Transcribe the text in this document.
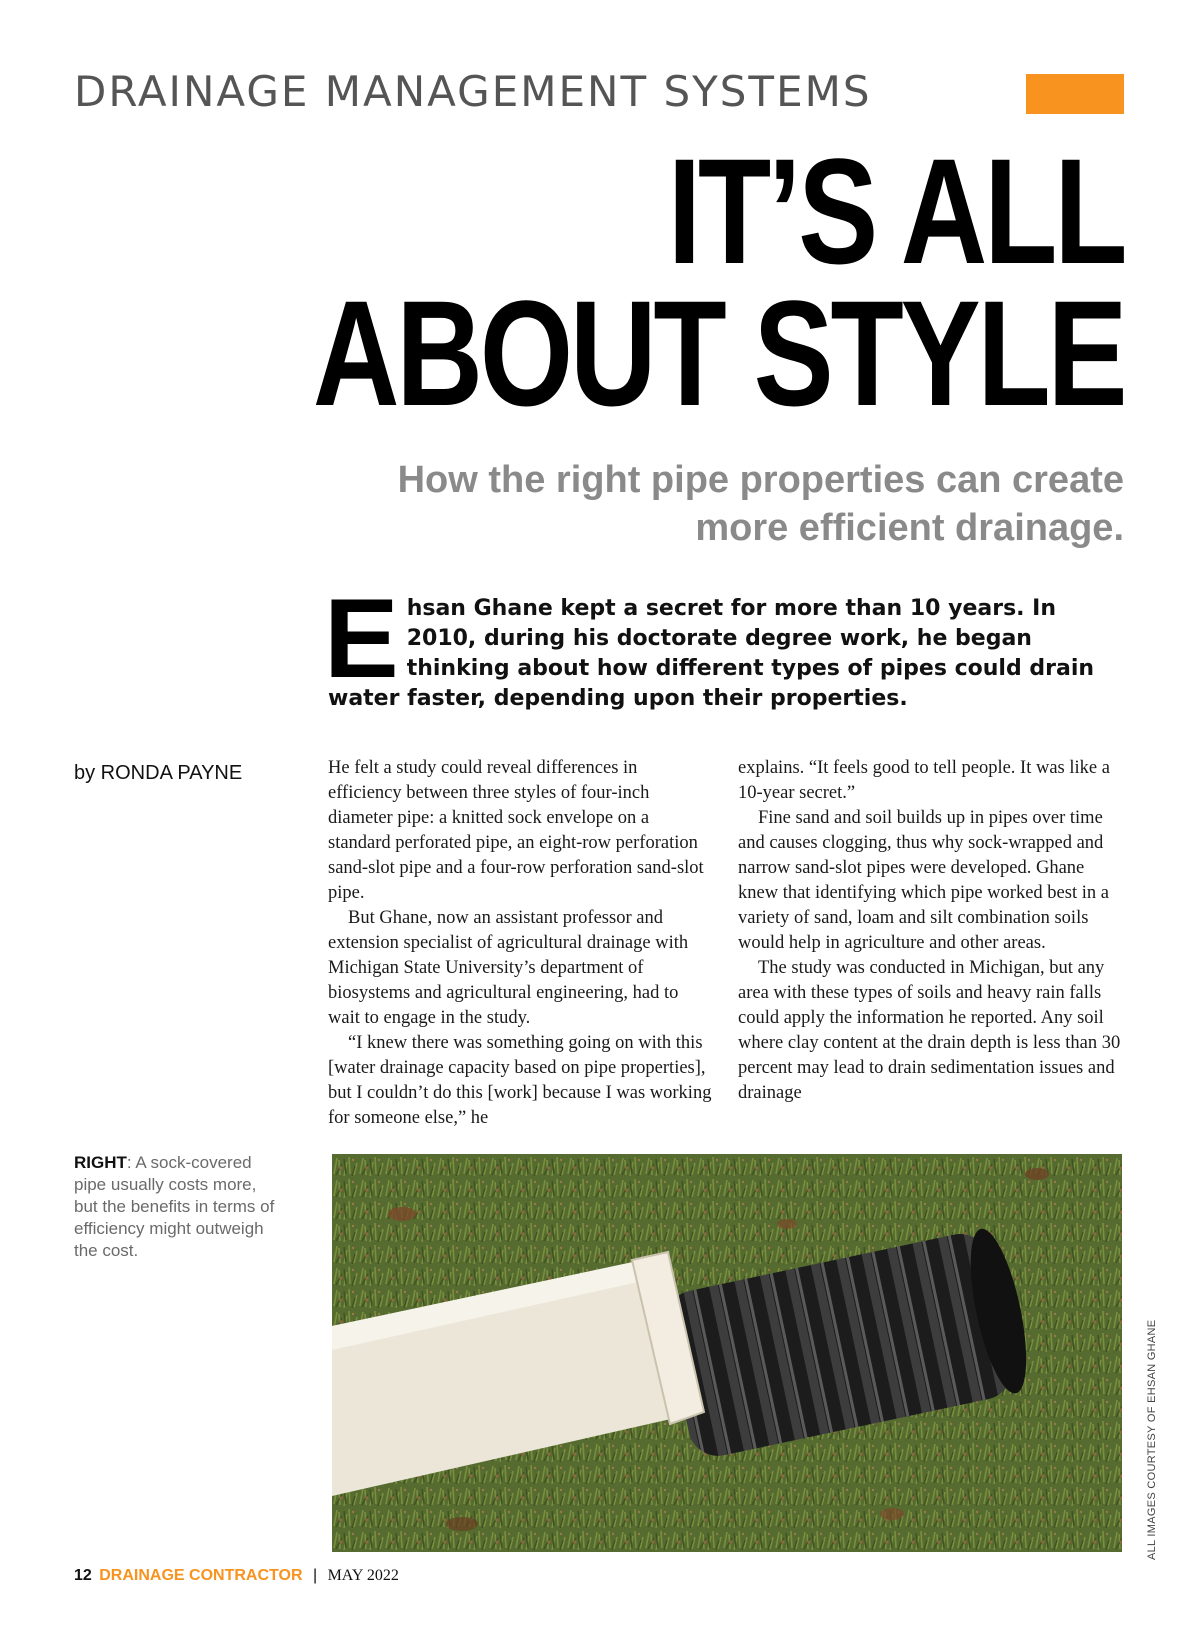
DRAINAGE MANAGEMENT SYSTEMS
IT’S ALL
ABOUT STYLE
How the right pipe properties can create more efficient drainage.
E hsan Ghane kept a secret for more than 10 years. In 2010, during his doctorate degree work, he began thinking about how different types of pipes could drain water faster, depending upon their properties.
by RONDA PAYNE	He felt a study could reveal differences in efficiency between three styles of four-inch diameter pipe: a knitted sock envelope on a standard perforated pipe, an eight-row perforation sand-slot pipe and a four-row perforation sand-slot pipe.

But Ghane, now an assistant professor and extension specialist of agricultural drainage with Michigan State University’s department of biosystems and agricultural engineering, had to wait to engage in the study.

“I knew there was something going on with this [water drainage capacity based on pipe properties], but I couldn’t do this [work] because I was working for someone else,” he

explains. “It feels good to tell people. It was like a 10-year secret.”

Fine sand and soil builds up in pipes over time and causes clogging, thus why sock-wrapped and narrow sand-slot pipes were developed. Ghane knew that identifying which pipe worked best in a variety of sand, loam and silt combination soils would help in agriculture and other areas.

The study was conducted in Michigan, but any area with these types of soils and heavy rain falls could apply the information he reported. Any soil where clay content at the drain depth is less than 30 percent may lead to drain sedimentation issues and drainage

RIGHT: A sock-covered pipe usually costs more, but the benefits in terms of efficiency might outweigh the cost.
ALL IMAGES COURTESY OF EHSAN GHANE
12 DRAINAGE CONTRACTOR | MAY 2022
